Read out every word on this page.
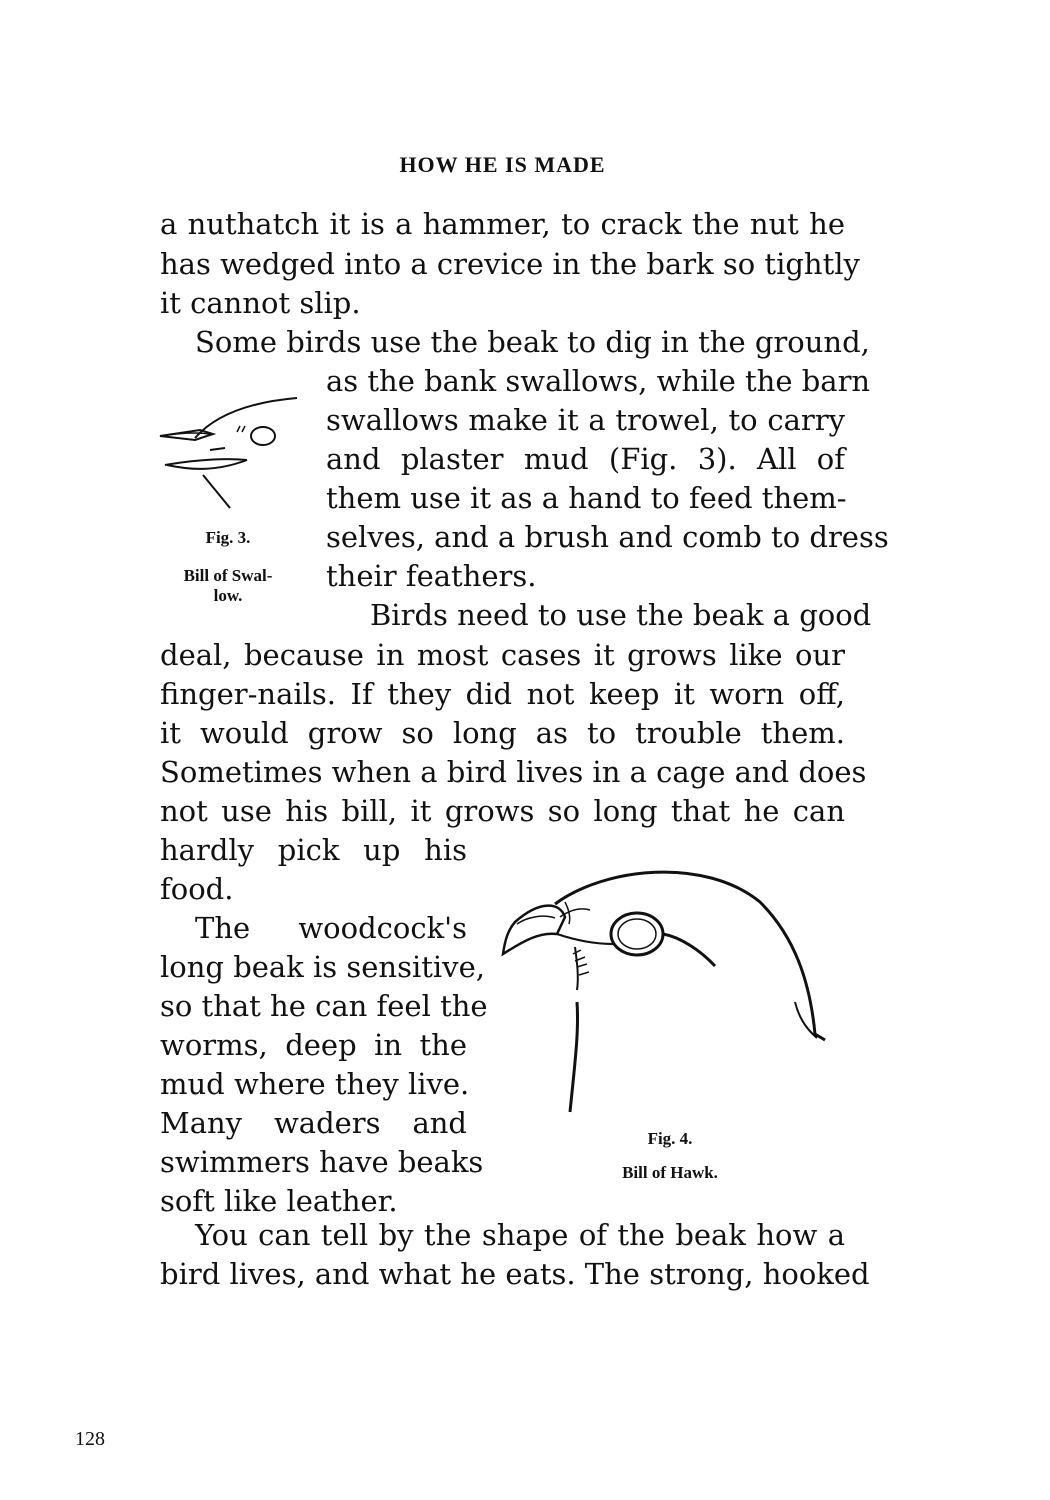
HOW HE IS MADE
a nuthatch it is a hammer, to crack the nut he
has wedged into a crevice in the bark so tightly
it cannot slip.
Some birds use the beak to dig in the ground,
as the bank swallows, while the barn
swallows make it a trowel, to carry
and plaster mud (Fig. 3). All of
them use it as a hand to feed them-
selves, and a brush and comb to dress
their feathers.
Fig. 3.
Bill of Swal-
low.
Birds need to use the beak a good
deal, because in most cases it grows like our
finger-nails. If they did not keep it worn off,
it would grow so long as to trouble them.
Sometimes when a bird lives in a cage and does
not use his bill, it grows so long that he can
hardly pick up his
food.
The woodcock's
long beak is sensitive,
so that he can feel the
worms, deep in the
mud where they live.
Many waders and
swimmers have beaks
soft like leather.
Fig. 4.
Bill of Hawk.
You can tell by the shape of the beak how a
bird lives, and what he eats. The strong, hooked
128
